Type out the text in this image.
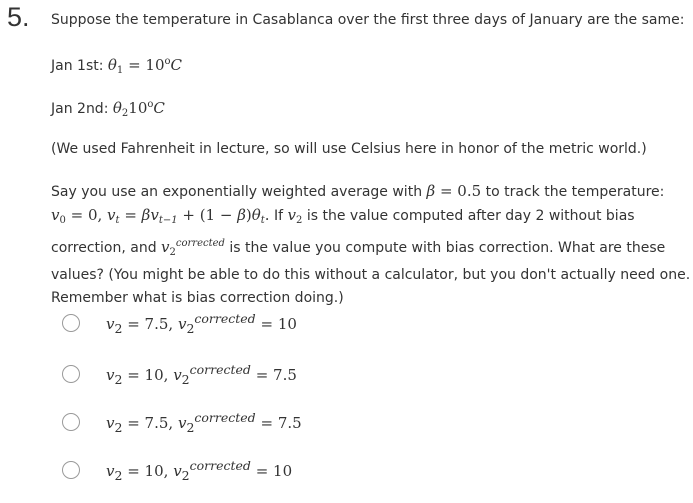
5. Suppose the temperature in Casablanca over the first three days of January are the same:
Jan 1st: $\theta_1 = 10^oC$
Jan 2nd: $\theta_210^oC$
(We used Fahrenheit in lecture, so will use Celsius here in honor of the metric world.)
Say you use an exponentially weighted average with β = 0.5 to track the temperature:
$v_0 = 0$, $v_t = \beta v_{t-1} + (1 - \beta)\theta_t$. If $v_2$ is the value computed after day 2 without bias
correction, and $v_2^{corrected}$ is the value you compute with bias correction. What are these
values? (You might be able to do this without a calculator, but you don't actually need one.
Remember what is bias correction doing.)
$v_2 = 7.5$, $v_2^{corrected} = 10$
$v_2 = 10$, $v_2^{corrected} = 7.5$
$v_2 = 7.5$, $v_2^{corrected} = 7.5$
$v_2 = 10$, $v_2^{corrected} = 10$
